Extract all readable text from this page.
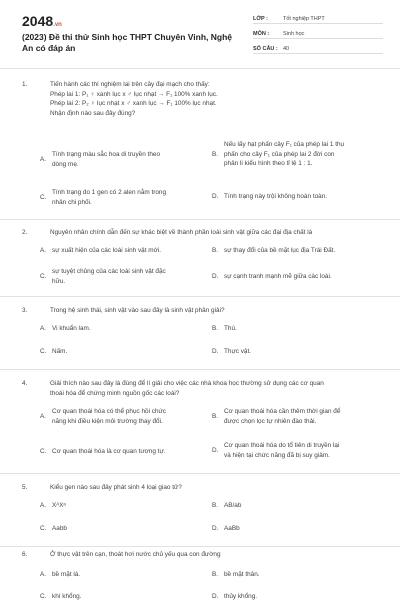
2048.vn
(2023) Đề thi thử Sinh học THPT Chuyên Vinh, Nghệ An có đáp án
LỚP :	Tốt nghiệp THPT
MÔN :	Sinh học
SỐ CÂU : 40
1.	Tiến hành các thí nghiệm lai trên cây đại mạch cho thấy:
Phép lai 1: P₁ ♀ xanh lục x ♂ lục nhạt → F₁ 100% xanh lục.
Phép lai 2: P₂ ♀ lục nhạt x ♂ xanh lục → F₁ 100% lục nhạt.
Nhận định nào sau đây đúng?
A.
Tính trạng màu sắc hoa di truyền theo
dòng mẹ.
B.
Nếu lấy hạt phấn cây F₁ của phép lai 1 thụ
phấn cho cây F₁ của phép lai 2 đời con
phân li kiểu hình theo tỉ lệ 1 : 1.
C.
Tính trạng do 1 gen có 2 alen nằm trong
nhân chi phối.
D. Tính trạng này trội không hoàn toàn.
2.	Nguyên nhân chính dẫn đến sự khác biệt về thành phần loài sinh vật giữa các đại địa chất là
A. sự xuất hiện của các loài sinh vật mới.	B. sự thay đổi của bề mặt lục địa Trái Đất.
C.
sự tuyệt chủng của các loài sinh vật đặc
hữu.
D. sự cạnh tranh mạnh mẽ giữa các loài.
3.	Trong hệ sinh thái, sinh vật vào sau đây là sinh vật phân giải?
A. Vi khuẩn lam.	B. Thú.
C. Nấm.	D. Thực vật.
4.	Giải thích nào sau đây là đúng để lí giải cho việc các nhà khoa học thường sử dụng các cơ quan
thoái hóa để chứng minh nguồn gốc các loài?
A.
Cơ quan thoái hóa có thể phục hồi chức
năng khi điều kiện môi trường thay đổi.
B.
Cơ quan thoái hóa cần thêm thời gian để
được chọn lọc tự nhiên đào thải.
C. Cơ quan thoái hóa là cơ quan tương tự.	D.
Cơ quan thoái hóa do tổ tiên di truyền lại
và hiện tại chức năng đã bị suy giảm.
5.	Kiểu gen nào sau đây phát sinh 4 loại giao tử?
A. XᴬXᵃ	B. AB/ab
C. Aabb	D. AaBb
6.	Ở thực vật trên cạn, thoát hơi nước chủ yếu qua con đường
A. bề mặt lá.	B. bề mặt thân.
C. khí khổng.	D. thủy khổng.
